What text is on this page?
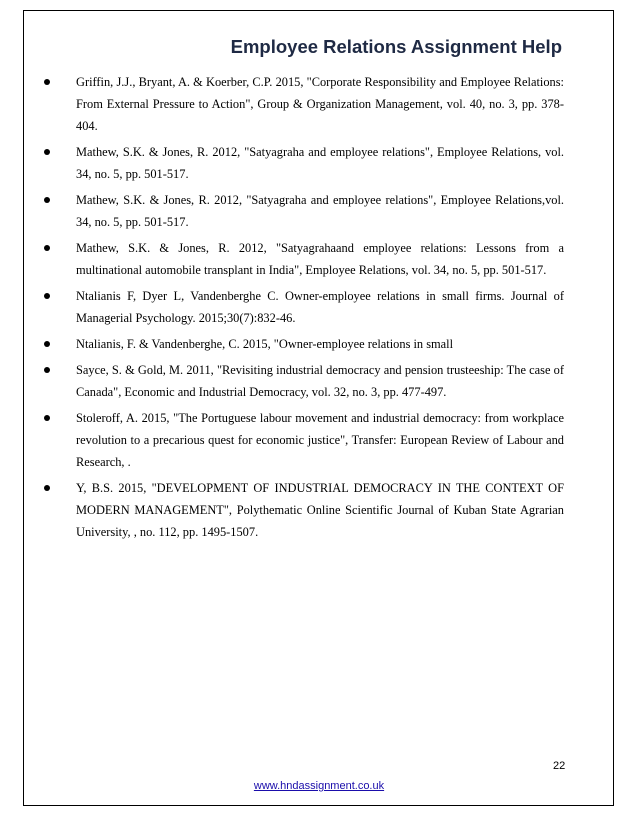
Employee Relations Assignment Help
Griffin, J.J., Bryant, A. & Koerber, C.P. 2015, "Corporate Responsibility and Employee Relations: From External Pressure to Action", Group & Organization Management, vol. 40, no. 3, pp. 378-404.
Mathew, S.K. & Jones, R. 2012, "Satyagraha and employee relations", Employee Relations, vol. 34, no. 5, pp. 501-517.
Mathew, S.K. & Jones, R. 2012, "Satyagraha and employee relations", Employee Relations,vol. 34, no. 5, pp. 501-517.
Mathew, S.K. & Jones, R. 2012, "Satyagrahaand employee relations: Lessons from a multinational automobile transplant in India", Employee Relations, vol. 34, no. 5, pp. 501-517.
Ntalianis F, Dyer L, Vandenberghe C. Owner-employee relations in small firms. Journal of Managerial Psychology. 2015;30(7):832-46.
Ntalianis, F. & Vandenberghe, C. 2015, "Owner-employee relations in small
Sayce, S. & Gold, M. 2011, "Revisiting industrial democracy and pension trusteeship: The case of Canada", Economic and Industrial Democracy, vol. 32, no. 3, pp. 477-497.
Stoleroff, A. 2015, "The Portuguese labour movement and industrial democracy: from workplace revolution to a precarious quest for economic justice", Transfer: European Review of Labour and Research, .
Y, B.S. 2015, "DEVELOPMENT OF INDUSTRIAL DEMOCRACY IN THE CONTEXT OF MODERN MANAGEMENT", Polythematic Online Scientific Journal of Kuban State Agrarian University, , no. 112, pp. 1495-1507.
22
www.hndassignment.co.uk
